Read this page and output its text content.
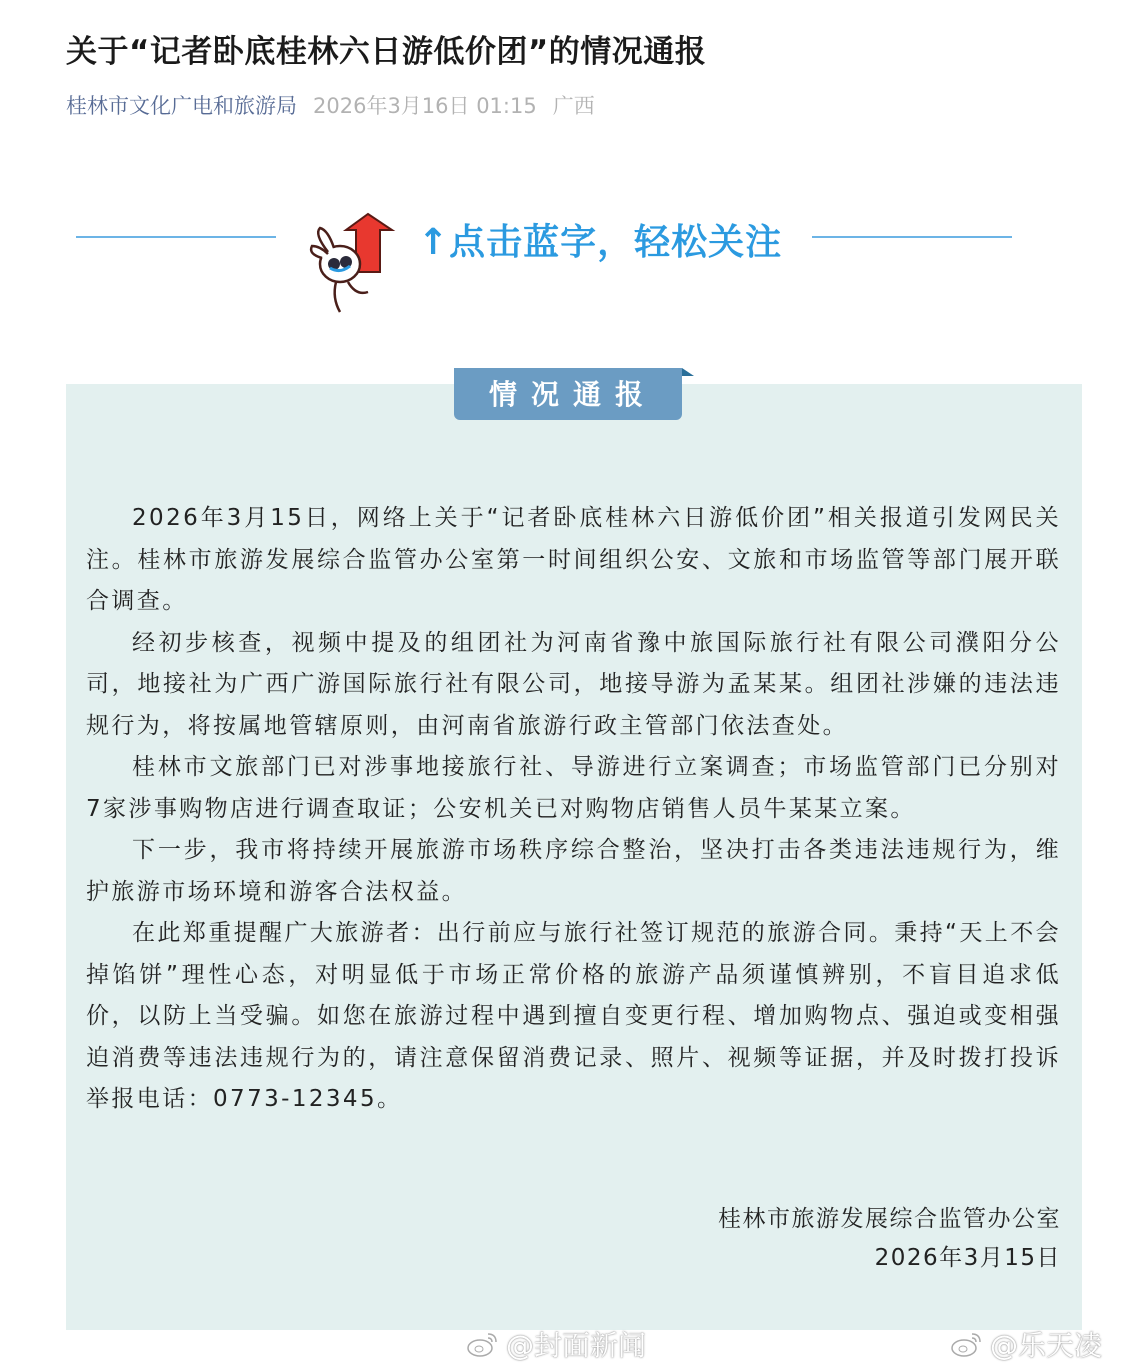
关于“记者卧底桂林六日游低价团”的情况通报
桂林市文化广电和旅游局 2026年3月16日 01:15 广西
↑点击蓝字，轻松关注
情况通报

2026年3月15日，网络上关于“记者卧底桂林六日游低价团”相关报道引发网民关注。桂林市旅游发展综合监管办公室第一时间组织公安、文旅和市场监管等部门展开联合调查。

经初步核查，视频中提及的组团社为河南省豫中旅国际旅行社有限公司濮阳分公司，地接社为广西广游国际旅行社有限公司，地接导游为孟某某。组团社涉嫌的违法违规行为，将按属地管辖原则，由河南省旅游行政主管部门依法查处。

桂林市文旅部门已对涉事地接旅行社、导游进行立案调查；市场监管部门已分别对7家涉事购物店进行调查取证；公安机关已对购物店销售人员牛某某立案。

下一步，我市将持续开展旅游市场秩序综合整治，坚决打击各类违法违规行为，维护旅游市场环境和游客合法权益。

在此郑重提醒广大旅游者：出行前应与旅行社签订规范的旅游合同。秉持“天上不会掉馅饼”理性心态，对明显低于市场正常价格的旅游产品须谨慎辨别，不盲目追求低价，以防上当受骗。如您在旅游过程中遇到擅自变更行程、增加购物点、强迫或变相强迫消费等违法违规行为的，请注意保留消费记录、照片、视频等证据，并及时拨打投诉举报电话：0773-12345。

桂林市旅游发展综合监管办公室
2026年3月15日
@封面新闻	@乐天凌
